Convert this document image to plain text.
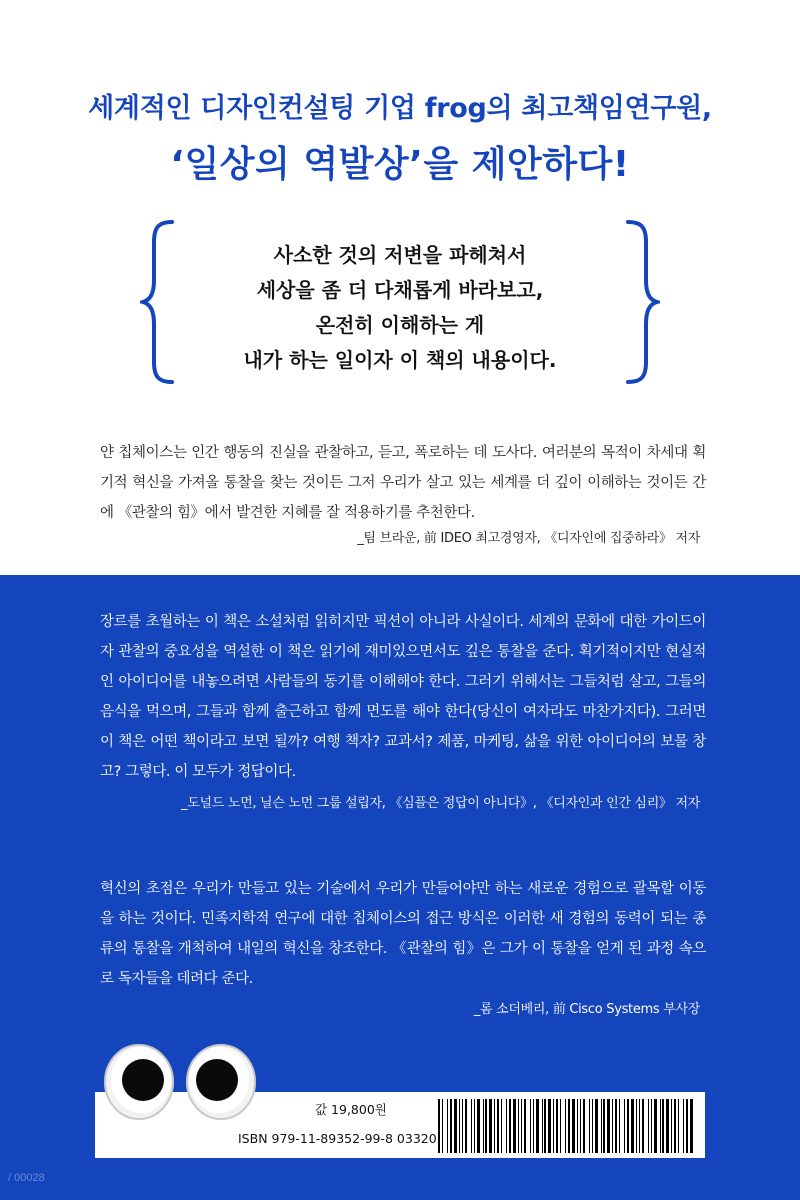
세계적인 디자인컨설팅 기업 frog의 최고책임연구원,
‘일상의 역발상’을 제안하다!
사소한 것의 저변을 파헤쳐서
세상을 좀 더 다채롭게 바라보고,
온전히 이해하는 게
내가 하는 일이자 이 책의 내용이다.

얀 칩체이스는 인간 행동의 진실을 관찰하고, 듣고, 폭로하는 데 도사다. 여러분의 목적이 차세대 획기적 혁신을 가져올 통찰을 찾는 것이든 그저 우리가 살고 있는 세계를 더 깊이 이해하는 것이든 간에 《관찰의 힘》에서 발견한 지혜를 잘 적용하기를 추천한다.

_팀 브라운, 前 IDEO 최고경영자, 《디자인에 집중하라》 저자

장르를 초월하는 이 책은 소설처럼 읽히지만 픽션이 아니라 사실이다. 세계의 문화에 대한 가이드이자 관찰의 중요성을 역설한 이 책은 읽기에 재미있으면서도 깊은 통찰을 준다. 획기적이지만 현실적인 아이디어를 내놓으려면 사람들의 동기를 이해해야 한다. 그러기 위해서는 그들처럼 살고, 그들의 음식을 먹으며, 그들과 함께 출근하고 함께 면도를 해야 한다(당신이 여자라도 마찬가지다). 그러면 이 책은 어떤 책이라고 보면 될까? 여행 책자? 교과서? 제품, 마케팅, 삶을 위한 아이디어의 보물 창고? 그렇다. 이 모두가 정답이다.

_도널드 노먼, 닐슨 노먼 그룹 설립자, 《심플은 정답이 아니다》, 《디자인과 인간 심리》 저자

혁신의 초점은 우리가 만들고 있는 기술에서 우리가 만들어야만 하는 새로운 경험으로 괄목할 이동을 하는 것이다. 민족지학적 연구에 대한 칩체이스의 접근 방식은 이러한 새 경험의 동력이 되는 종류의 통찰을 개척하여 내일의 혁신을 창조한다. 《관찰의 힘》은 그가 이 통찰을 얻게 된 과정 속으로 독자들을 데려다 준다.

_롬 소더베리, 前 Cisco Systems 부사장

값 19,800원
ISBN 979-11-89352-99-8 03320
/ 00028
